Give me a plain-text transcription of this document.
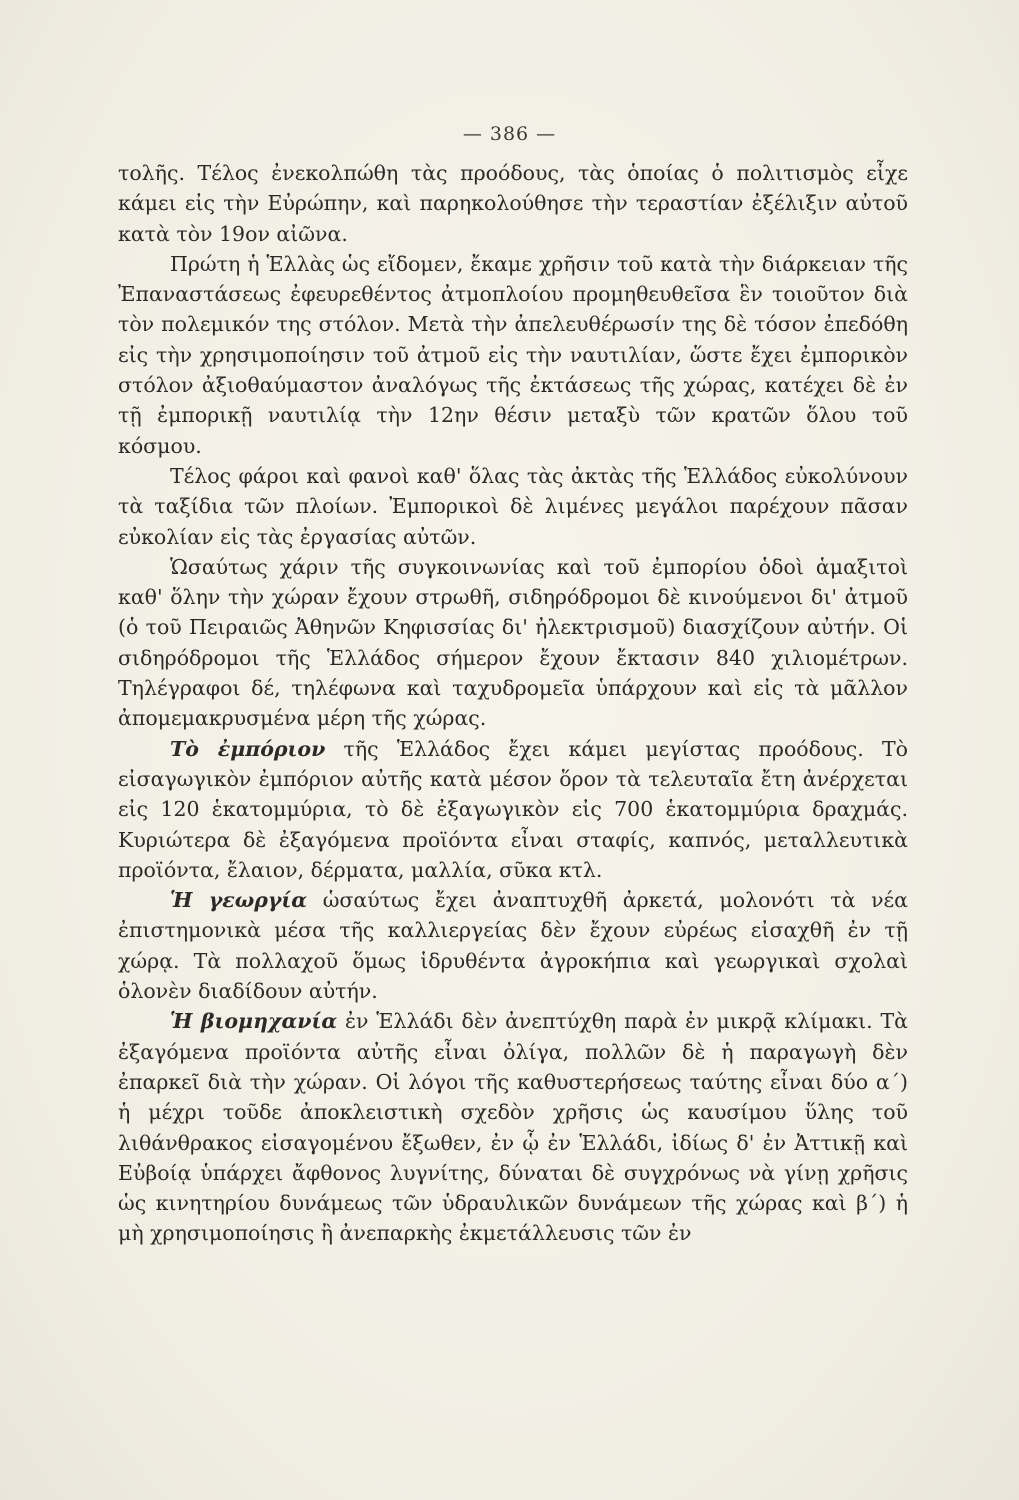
— 386 —

τολῆς. Τέλος ἐνεκολπώθη τὰς προόδους, τὰς ὁποίας ὁ πολιτισμὸς εἶχε κάμει εἰς τὴν Εὐρώπην, καὶ παρηκολούθησε τὴν τεραστίαν ἐξέλιξιν αὐτοῦ κατὰ τὸν 19ον αἰῶνα.

Πρώτη ἡ Ἑλλὰς ὡς εἴδομεν, ἔκαμε χρῆσιν τοῦ κατὰ τὴν διάρκειαν τῆς Ἐπαναστάσεως ἐφευρεθέντος ἀτμοπλοίου προμηθευθεῖσα ἓν τοιοῦτον διὰ τὸν πολεμικόν της στόλον. Μετὰ τὴν ἀπελευθέρωσίν της δὲ τόσον ἐπεδόθη εἰς τὴν χρησιμοποίησιν τοῦ ἀτμοῦ εἰς τὴν ναυτιλίαν, ὥστε ἔχει ἐμπορικὸν στόλον ἀξιοθαύμαστον ἀναλόγως τῆς ἐκτάσεως τῆς χώρας, κατέχει δὲ ἐν τῇ ἐμπορικῇ ναυτιλίᾳ τὴν 12ην θέσιν μεταξὺ τῶν κρατῶν ὅλου τοῦ κόσμου.

Τέλος φάροι καὶ φανοὶ καθ' ὅλας τὰς ἀκτὰς τῆς Ἑλλάδος εὐκολύνουν τὰ ταξίδια τῶν πλοίων. Ἐμπορικοὶ δὲ λιμένες μεγάλοι παρέχουν πᾶσαν εὐκολίαν εἰς τὰς ἐργασίας αὐτῶν.

Ὡσαύτως χάριν τῆς συγκοινωνίας καὶ τοῦ ἐμπορίου ὁδοὶ ἁμαξιτοὶ καθ' ὅλην τὴν χώραν ἔχουν στρωθῆ, σιδηρόδρομοι δὲ κινούμενοι δι' ἀτμοῦ (ὁ τοῦ Πειραιῶς Ἀθηνῶν Κηφισσίας δι' ἠλεκτρισμοῦ) διασχίζουν αὐτήν. Οἱ σιδηρόδρομοι τῆς Ἑλλάδος σήμερον ἔχουν ἔκτασιν 840 χιλιομέτρων. Τηλέγραφοι δέ, τηλέφωνα καὶ ταχυδρομεῖα ὑπάρχουν καὶ εἰς τὰ μᾶλλον ἀπομεμακρυσμένα μέρη τῆς χώρας.

Τὸ ἐμπόριον τῆς Ἑλλάδος ἔχει κάμει μεγίστας προόδους. Τὸ εἰσαγωγικὸν ἐμπόριον αὐτῆς κατὰ μέσον ὅρον τὰ τελευταῖα ἔτη ἀνέρχεται εἰς 120 ἑκατομμύρια, τὸ δὲ ἐξαγωγικὸν εἰς 700 ἑκατομμύρια δραχμάς. Κυριώτερα δὲ ἐξαγόμενα προϊόντα εἶναι σταφίς, καπνός, μεταλλευτικὰ προϊόντα, ἔλαιον, δέρματα, μαλλία, σῦκα κτλ.

Ἡ γεωργία ὡσαύτως ἔχει ἀναπτυχθῆ ἀρκετά, μολονότι τὰ νέα ἐπιστημονικὰ μέσα τῆς καλλιεργείας δὲν ἔχουν εὐρέως εἰσαχθῆ ἐν τῇ χώρᾳ. Τὰ πολλαχοῦ ὅμως ἱδρυθέντα ἀγροκήπια καὶ γεωργικαὶ σχολαὶ ὁλονὲν διαδίδουν αὐτήν.

Ἡ βιομηχανία ἐν Ἑλλάδι δὲν ἀνεπτύχθη παρὰ ἐν μικρᾷ κλίμακι. Τὰ ἐξαγόμενα προϊόντα αὐτῆς εἶναι ὀλίγα, πολλῶν δὲ ἡ παραγωγὴ δὲν ἐπαρκεῖ διὰ τὴν χώραν. Οἱ λόγοι τῆς καθυστερήσεως ταύτης εἶναι δύο α΄) ἡ μέχρι τοῦδε ἀποκλειστικὴ σχεδὸν χρῆσις ὡς καυσίμου ὕλης τοῦ λιθάνθρακος εἰσαγομένου ἔξωθεν, ἐν ᾧ ἐν Ἑλλάδι, ἰδίως δ' ἐν Ἀττικῇ καὶ Εὐβοίᾳ ὑπάρχει ἄφθονος λυγνίτης, δύναται δὲ συγχρόνως νὰ γίνῃ χρῆσις ὡς κινητηρίου δυνάμεως τῶν ὑδραυλικῶν δυνάμεων τῆς χώρας καὶ β΄) ἡ μὴ χρησιμοποίησις ἢ ἀνεπαρκὴς ἐκμετάλλευσις τῶν ἐν
